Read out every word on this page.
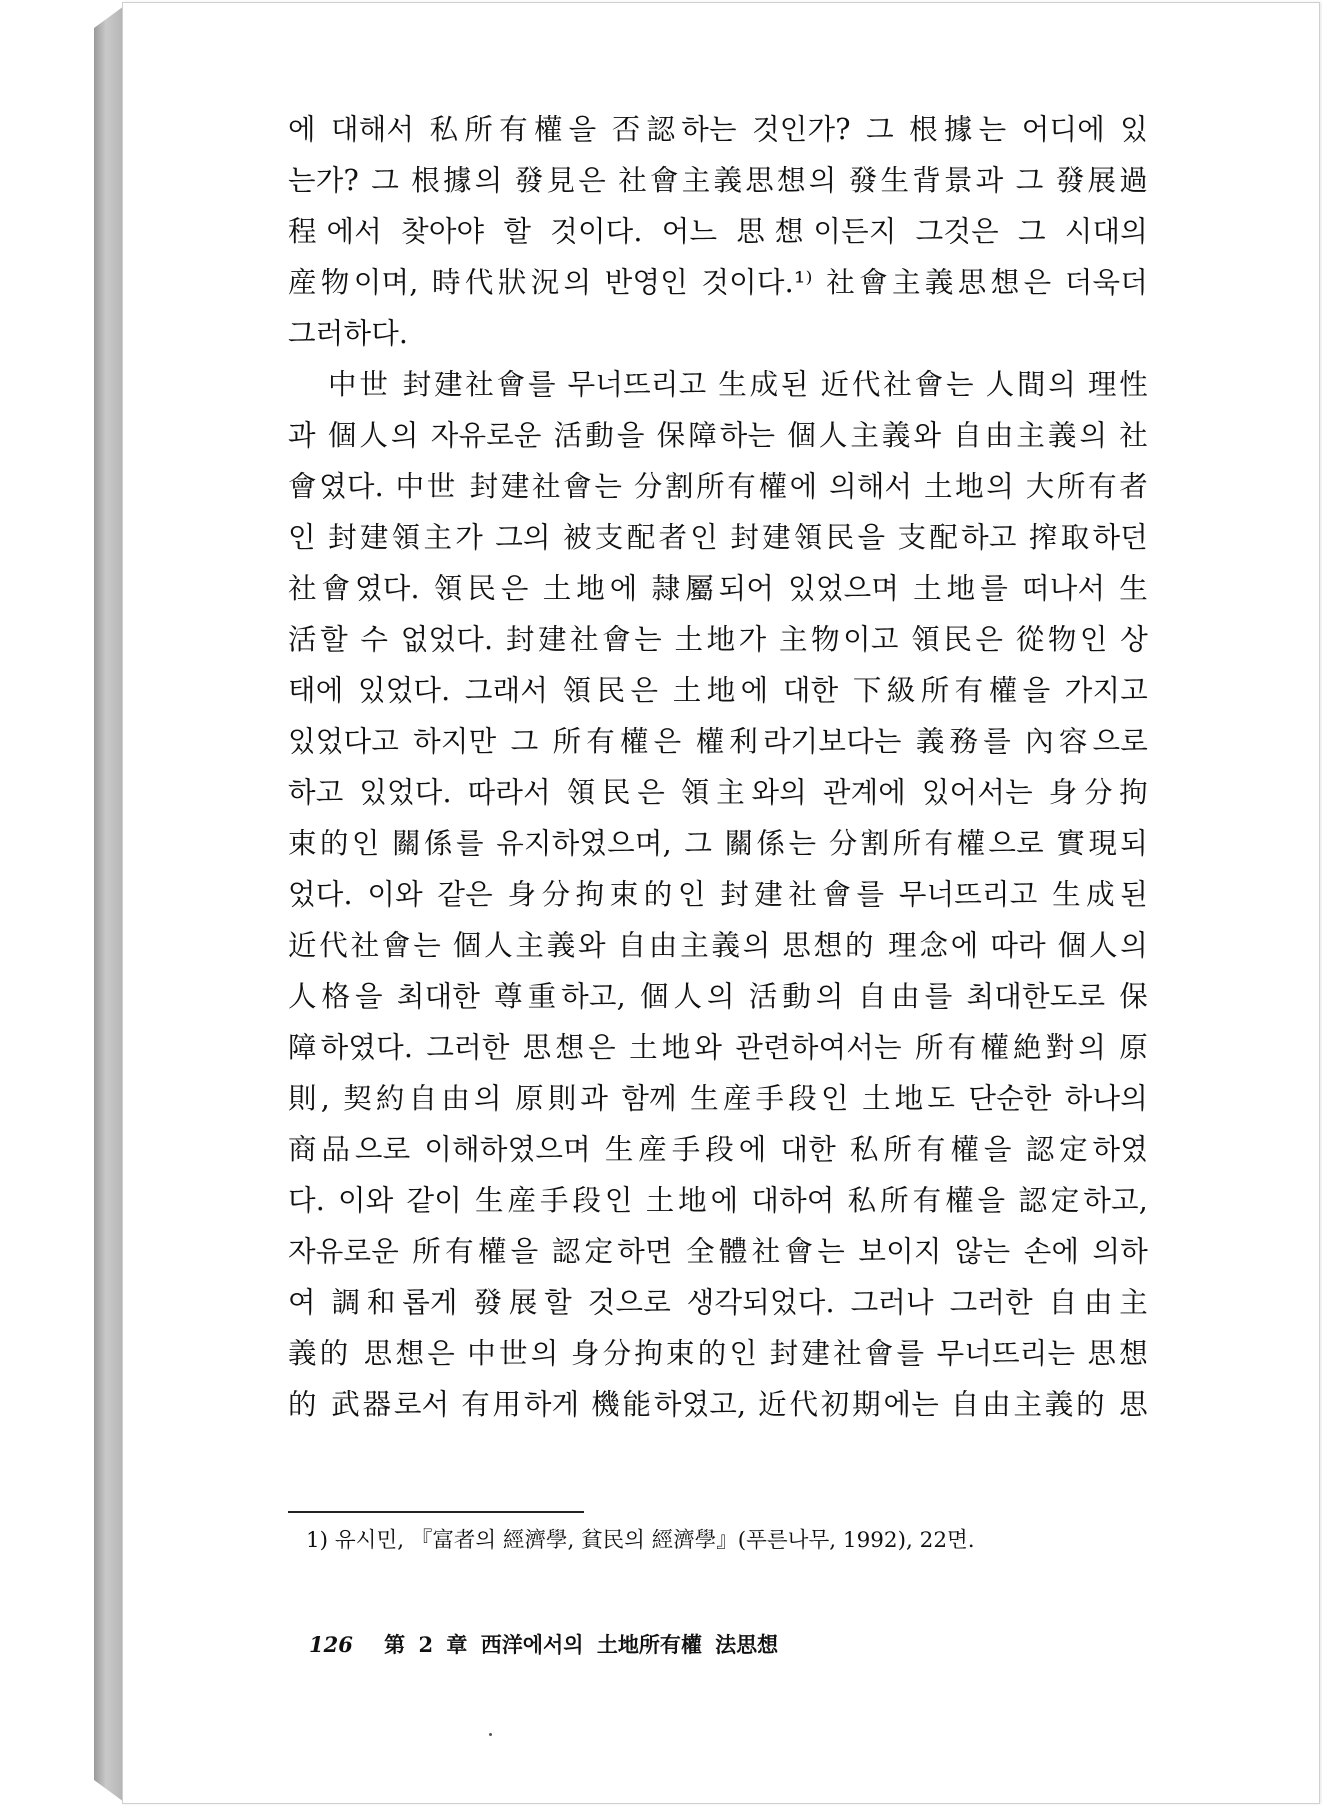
에 대해서 私所有權을 否認하는 것인가? 그 根據는 어디에 있
는가? 그 根據의 發見은 社會主義思想의 發生背景과 그 發展過
程에서 찾아야 할 것이다. 어느 思想이든지 그것은 그 시대의
産物이며, 時代狀況의 반영인 것이다.¹⁾ 社會主義思想은 더욱더
그러하다.
中世 封建社會를 무너뜨리고 生成된 近代社會는 人間의 理性
과 個人의 자유로운 活動을 保障하는 個人主義와 自由主義의 社
會였다. 中世 封建社會는 分割所有權에 의해서 土地의 大所有者
인 封建領主가 그의 被支配者인 封建領民을 支配하고 搾取하던
社會였다. 領民은 土地에 隷屬되어 있었으며 土地를 떠나서 生
活할 수 없었다. 封建社會는 土地가 主物이고 領民은 從物인 상
태에 있었다. 그래서 領民은 土地에 대한 下級所有權을 가지고
있었다고 하지만 그 所有權은 權利라기보다는 義務를 內容으로
하고 있었다. 따라서 領民은 領主와의 관계에 있어서는 身分拘
束的인 關係를 유지하였으며, 그 關係는 分割所有權으로 實現되
었다. 이와 같은 身分拘束的인 封建社會를 무너뜨리고 生成된
近代社會는 個人主義와 自由主義의 思想的 理念에 따라 個人의
人格을 최대한 尊重하고, 個人의 活動의 自由를 최대한도로 保
障하였다. 그러한 思想은 土地와 관련하여서는 所有權絶對의 原
則, 契約自由의 原則과 함께 生産手段인 土地도 단순한 하나의
商品으로 이해하였으며 生産手段에 대한 私所有權을 認定하였
다. 이와 같이 生産手段인 土地에 대하여 私所有權을 認定하고,
자유로운 所有權을 認定하면 全體社會는 보이지 않는 손에 의하
여 調和롭게 發展할 것으로 생각되었다. 그러나 그러한 自由主
義的 思想은 中世의 身分拘束的인 封建社會를 무너뜨리는 思想
的 武器로서 有用하게 機能하였고, 近代初期에는 自由主義的 思
1) 유시민, 『富者의 經濟學, 貧民의 經濟學』(푸른나무, 1992), 22면.
126 第 2 章 西洋에서의 土地所有權 法思想
